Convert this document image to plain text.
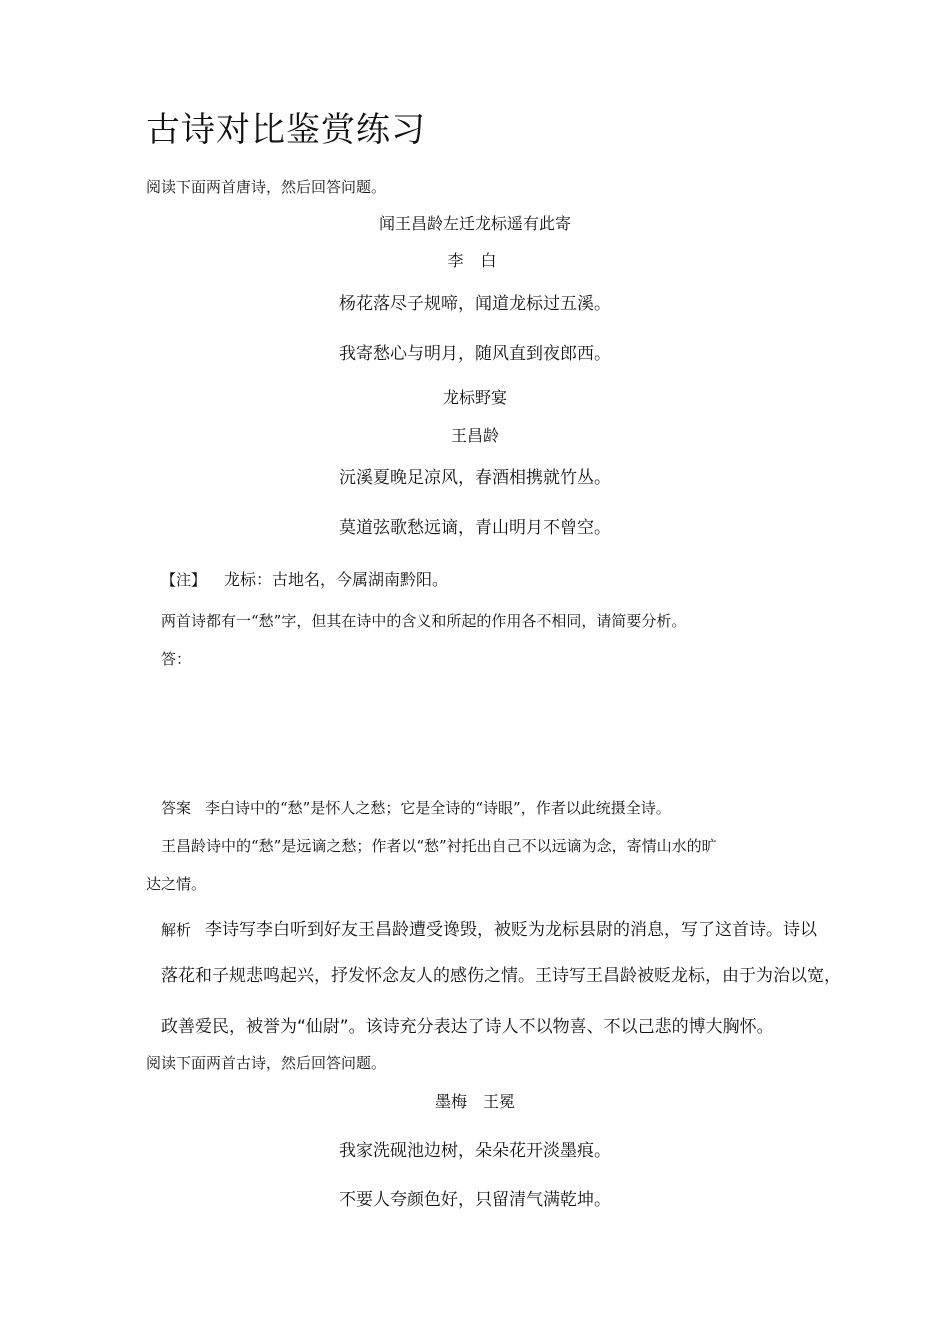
古诗对比鉴赏练习
阅读下面两首唐诗，然后回答问题。
闻王昌龄左迁龙标遥有此寄
李 白
杨花落尽子规啼，闻道龙标过五溪。
我寄愁心与明月，随风直到夜郎西。
龙标野宴
王昌龄
沅溪夏晚足凉风，春酒相携就竹丛。
莫道弦歌愁远谪，青山明月不曾空。
【注】 龙标：古地名，今属湖南黔阳。
两首诗都有一“愁”字，但其在诗中的含义和所起的作用各不相同，请简要分析。
答：
答案 李白诗中的“愁”是怀人之愁；它是全诗的“诗眼”，作者以此统摄全诗。
王昌龄诗中的“愁”是远谪之愁；作者以“愁”衬托出自己不以远谪为念，寄情山水的旷
达之情。
解析 李诗写李白听到好友王昌龄遭受谗毁，被贬为龙标县尉的消息，写了这首诗。诗以
落花和子规悲鸣起兴，抒发怀念友人的感伤之情。王诗写王昌龄被贬龙标，由于为治以宽，
政善爱民，被誉为“仙尉”。该诗充分表达了诗人不以物喜、不以己悲的博大胸怀。
阅读下面两首古诗，然后回答问题。
墨梅　王冕
我家洗砚池边树，朵朵花开淡墨痕。
不要人夸颜色好，只留清气满乾坤。
